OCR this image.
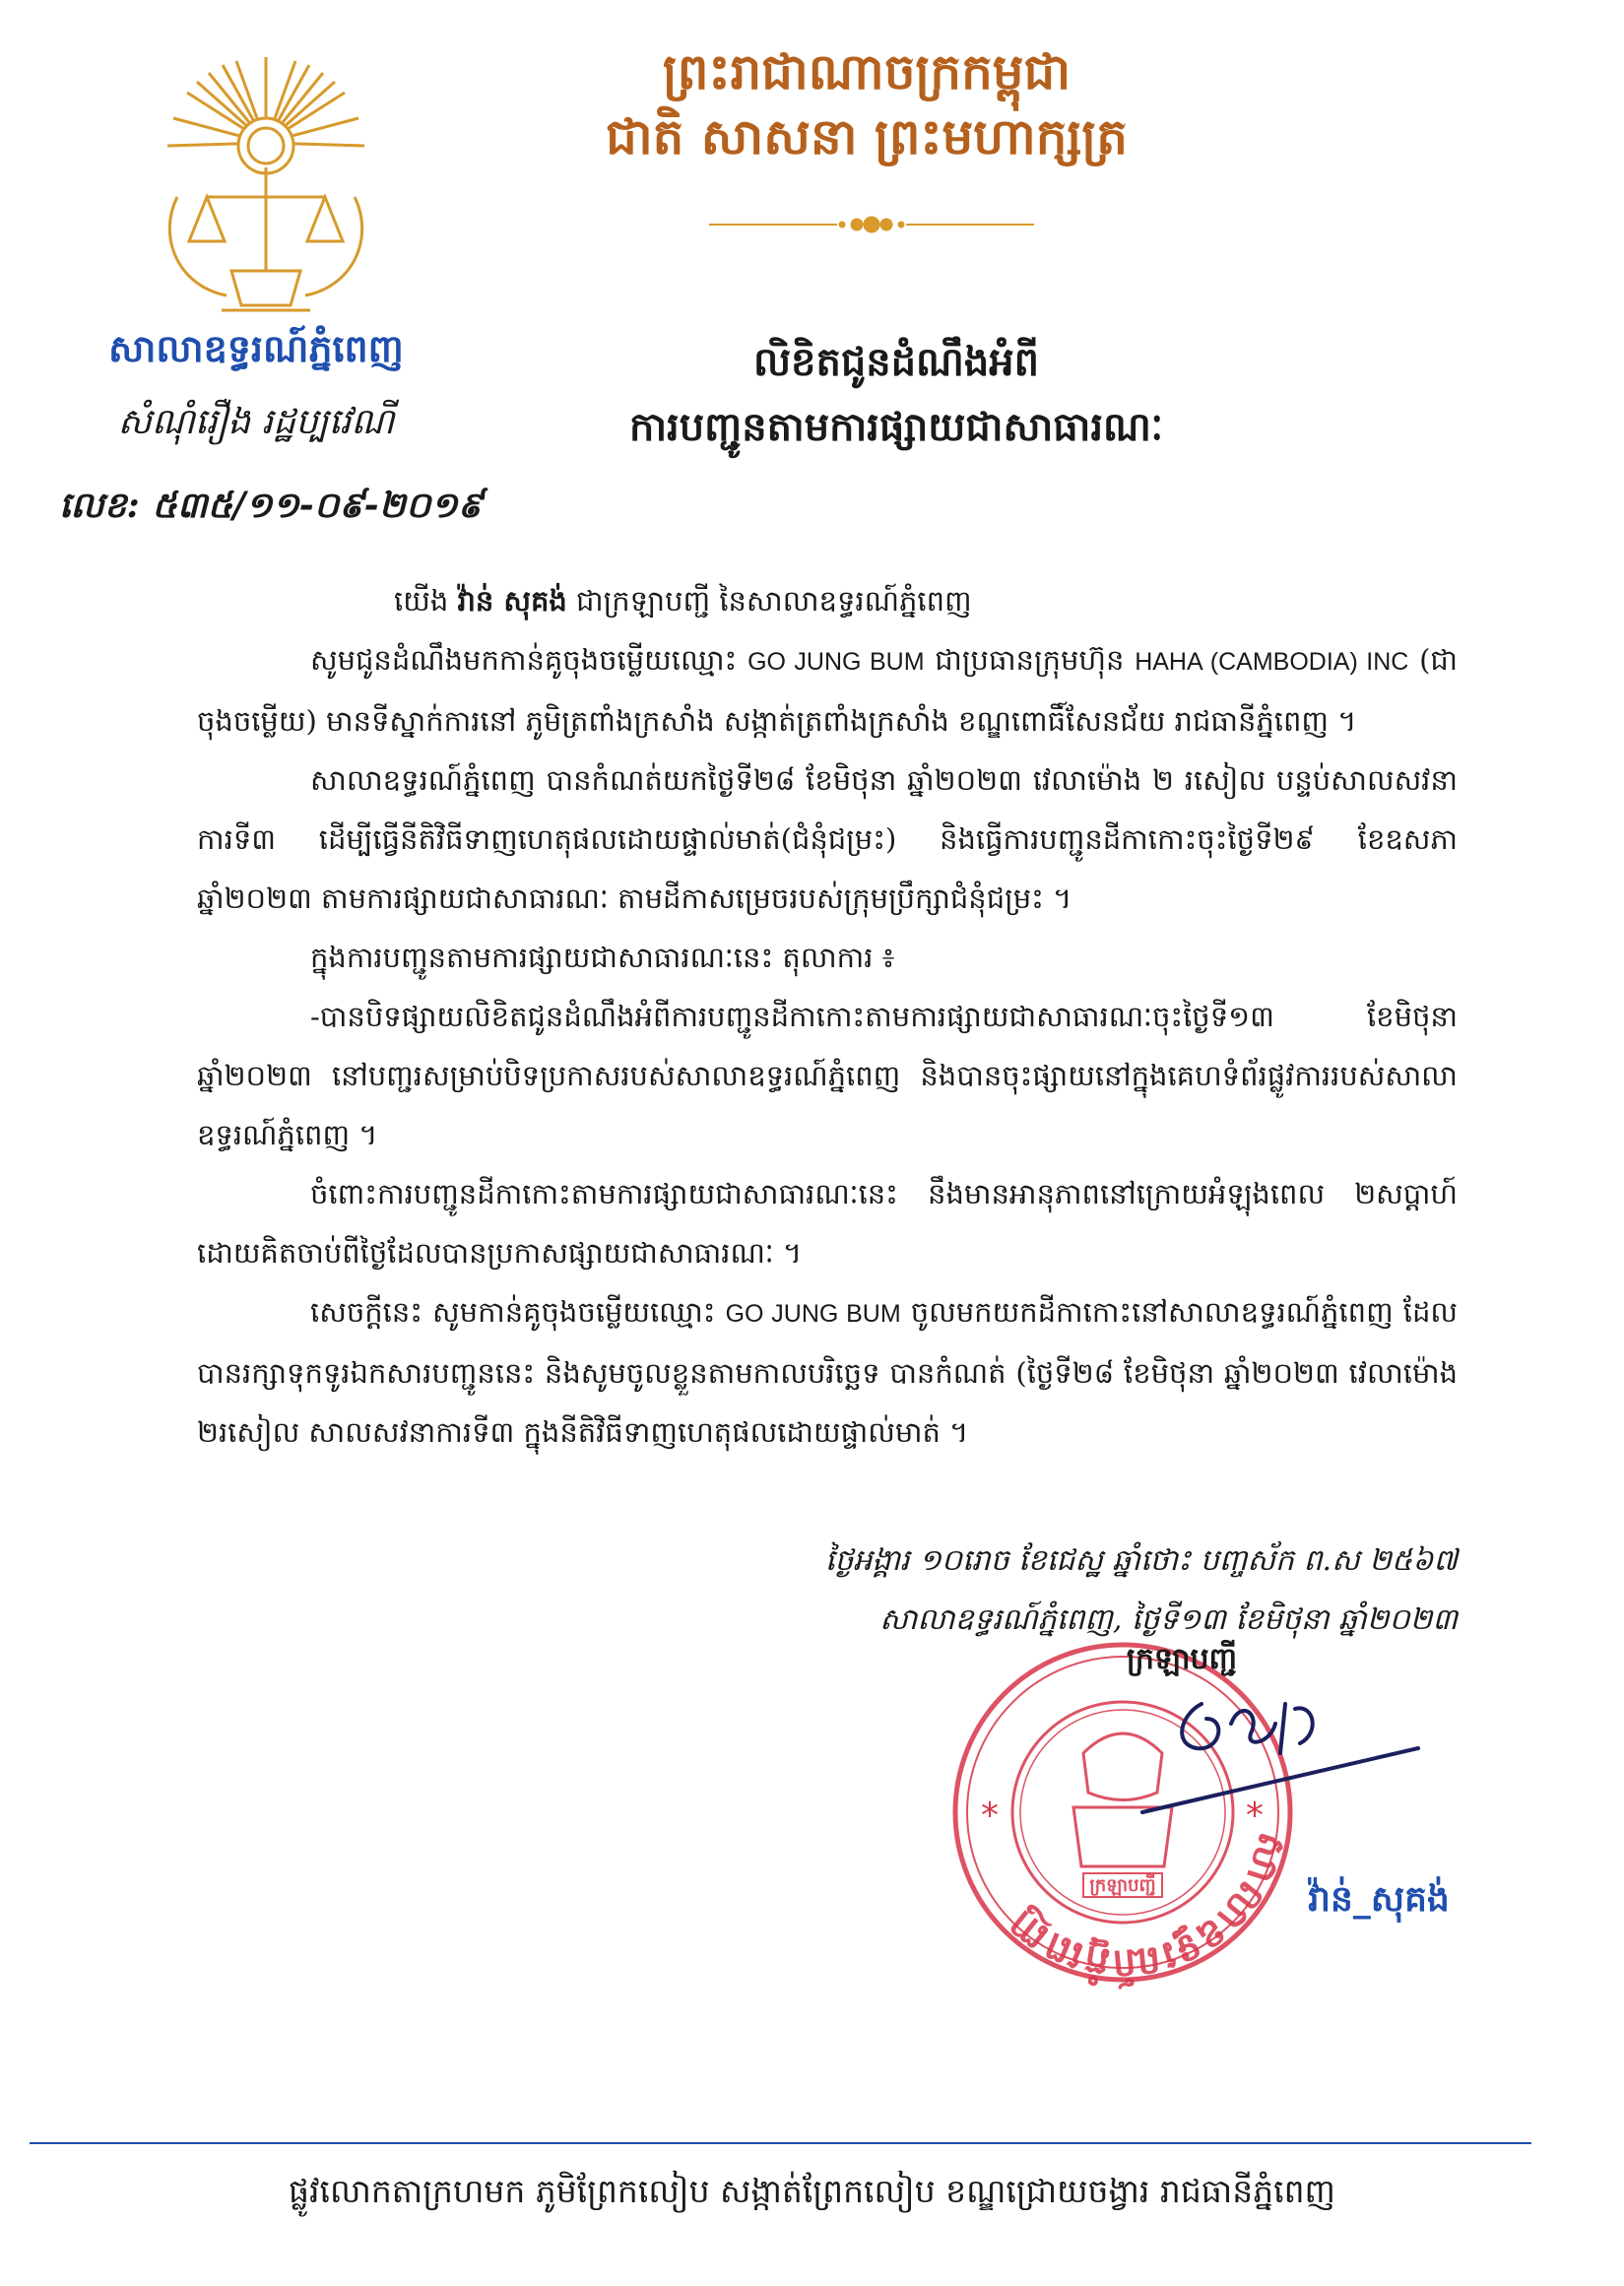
ព្រះរាជាណាចក្រកម្ពុជា
ជាតិ សាសនា ព្រះមហាក្សត្រ
សាលាឧទ្ធរណ៍ភ្នំពេញ
សំណុំរឿង រដ្ឋប្បវេណី
លេខ: ៥៣៥/១១-០៩-២០១៩
លិខិតជូនដំណឹងអំពី
ការបញ្ជូនតាមការផ្សាយជាសាធារណៈ

យើង វ៉ាន់ សុគង់ ជាក្រឡាបញ្ជី នៃសាលាឧទ្ធរណ៍ភ្នំពេញ

សូមជូនដំណឹងមកកាន់គូចុងចម្លើយឈ្មោះ GO JUNG BUM ជាប្រធានក្រុមហ៊ុន HAHA (CAMBODIA) INC (ជាចុងចម្លើយ) មានទីស្នាក់ការនៅ ភូមិត្រពាំងក្រសាំង សង្កាត់ត្រពាំងក្រសាំង ខណ្ឌពោធិ៍សែនជ័យ រាជធានីភ្នំពេញ ។

សាលាឧទ្ធរណ៍ភ្នំពេញ បានកំណត់យកថ្ងៃទី២៨ ខែមិថុនា ឆ្នាំ២០២៣ វេលាម៉ោង ២ រសៀល បន្ទប់សាលសវនាការទី៣ ដើម្បីធ្វើនីតិវិធីទាញហេតុផលដោយផ្ទាល់មាត់(ជំនុំជម្រះ) និងធ្វើការបញ្ជូនដីកាកោះចុះថ្ងៃទី២៩ ខែឧសភា ឆ្នាំ២០២៣ តាមការផ្សាយជាសាធារណៈ តាមដីកាសម្រេចរបស់ក្រុមប្រឹក្សាជំនុំជម្រះ ។

ក្នុងការបញ្ជូនតាមការផ្សាយជាសាធារណៈនេះ តុលាការ ៖

-បានបិទផ្សាយលិខិតជូនដំណឹងអំពីការបញ្ជូនដីកាកោះតាមការផ្សាយជាសាធារណៈចុះថ្ងៃទី១៣ ខែមិថុនា ឆ្នាំ២០២៣ នៅបញ្ជរសម្រាប់បិទប្រកាសរបស់សាលាឧទ្ធរណ៍ភ្នំពេញ និងបានចុះផ្សាយនៅក្នុងគេហទំព័រផ្លូវការរបស់សាលាឧទ្ធរណ៍ភ្នំពេញ ។

ចំពោះការបញ្ជូនដីកាកោះតាមការផ្សាយជាសាធារណៈនេះ នឹងមានអានុភាពនៅក្រោយអំឡុងពេល ២សប្តាហ៍ ដោយគិតចាប់ពីថ្ងៃដែលបានប្រកាសផ្សាយជាសាធារណៈ ។

សេចក្តីនេះ សូមកាន់គូចុងចម្លើយឈ្មោះ GO JUNG BUM ចូលមកយកដីកាកោះនៅសាលាឧទ្ធរណ៍ភ្នំពេញ ដែលបានរក្សាទុកទូរឯកសារបញ្ជូននេះ និងសូមចូលខ្លួនតាមកាលបរិច្ឆេទ បានកំណត់ (ថ្ងៃទី២៨ ខែមិថុនា ឆ្នាំ២០២៣ វេលាម៉ោង ២រសៀល សាលសវនាការទី៣ ក្នុងនីតិវិធីទាញហេតុផលដោយផ្ទាល់មាត់ ។

ថ្ងៃអង្គារ ១០រោច ខែជេស្ឋ ឆ្នាំថោះ បញ្ចស័ក ព.ស ២៥៦៧
សាលាឧទ្ធរណ៍ភ្នំពេញ, ថ្ងៃទី១៣ ខែមិថុនា ឆ្នាំ២០២៣
សាលាឧទ្ធរណ៍ភ្នំពេញ
ក្រឡាបញ្ជី
*	*
ក្រឡាបញ្ជី
វ៉ាន់_សុគង់
ផ្លូវលោកតាក្រហមក ភូមិព្រែកលៀប សង្កាត់ព្រែកលៀប ខណ្ឌជ្រោយចង្វារ រាជធានីភ្នំពេញ
